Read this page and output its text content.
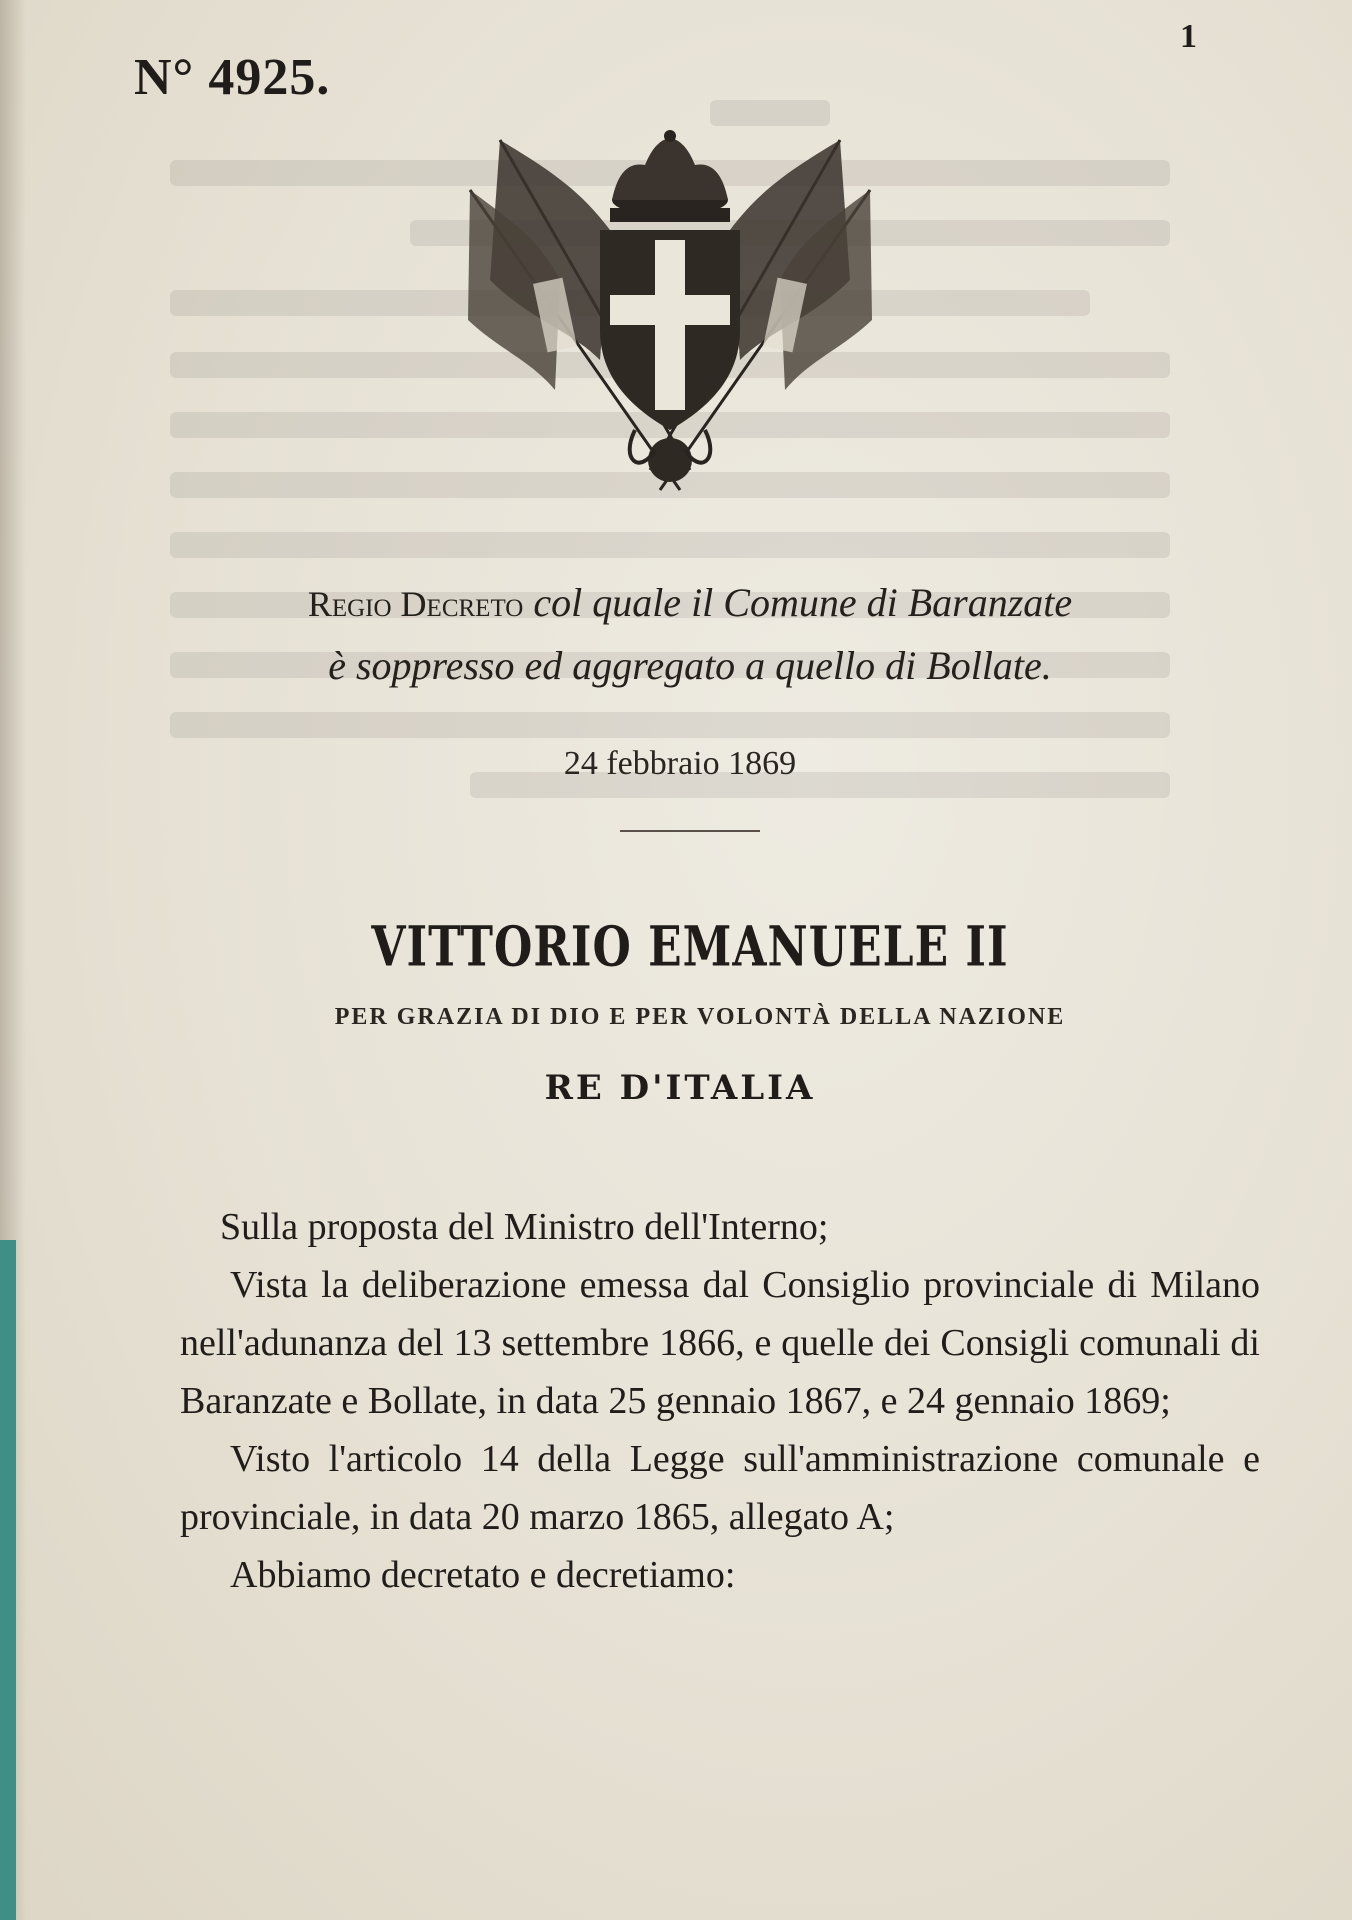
N° 4925.
1
Regio Decreto col quale il Comune di Baranzate
è soppresso ed aggregato a quello di Bollate.
24 febbraio 1869
VITTORIO EMANUELE II
PER GRAZIA DI DIO E PER VOLONTÀ DELLA NAZIONE
RE D'ITALIA

Sulla proposta del Ministro dell'Interno;

Vista la deliberazione emessa dal Consiglio provinciale di Milano nell'adunanza del 13 settembre 1866, e quelle dei Consigli comunali di Baranzate e Bollate, in data 25 gennaio 1867, e 24 gennaio 1869;

Visto l'articolo 14 della Legge sull'amministrazione comunale e provinciale, in data 20 marzo 1865, allegato A;

Abbiamo decretato e decretiamo:
